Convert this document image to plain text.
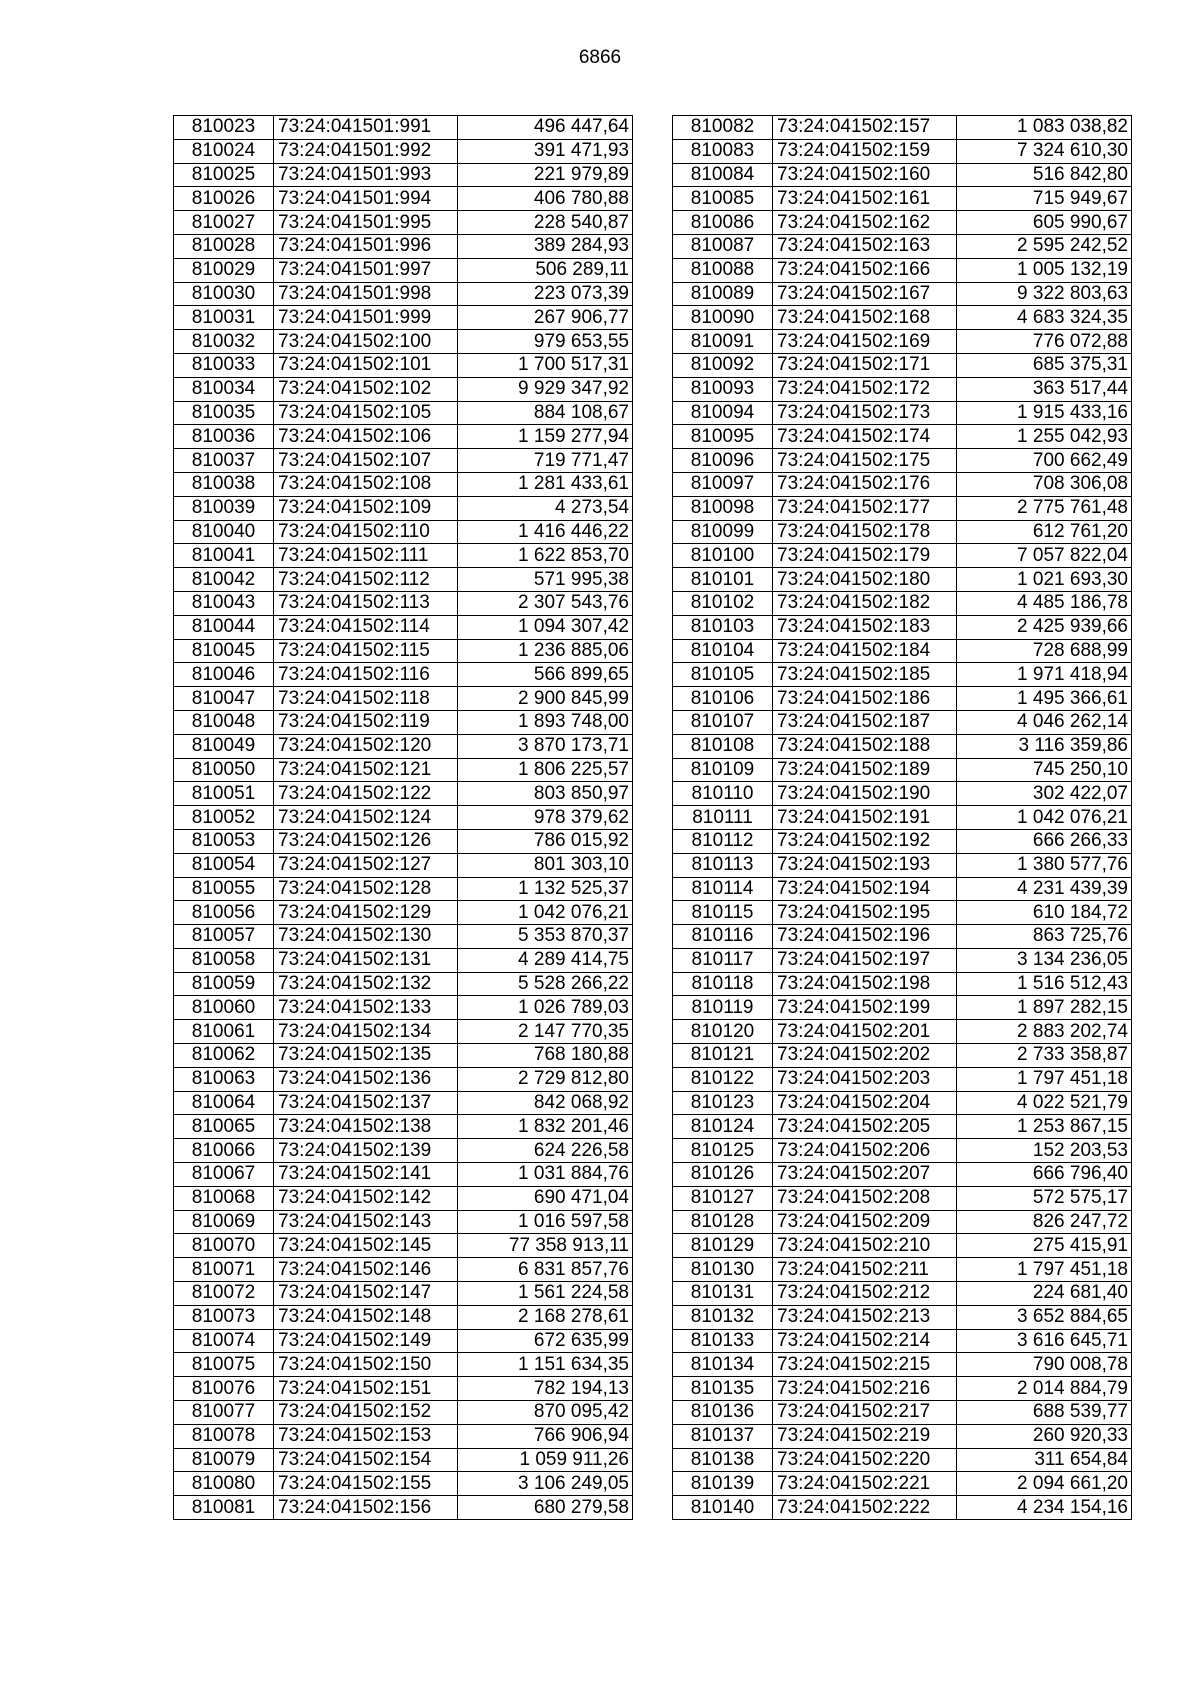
6866
810023	73:24:041501:991	496 447,64
810024	73:24:041501:992	391 471,93
810025	73:24:041501:993	221 979,89
810026	73:24:041501:994	406 780,88
810027	73:24:041501:995	228 540,87
810028	73:24:041501:996	389 284,93
810029	73:24:041501:997	506 289,11
810030	73:24:041501:998	223 073,39
810031	73:24:041501:999	267 906,77
810032	73:24:041502:100	979 653,55
810033	73:24:041502:101	1 700 517,31
810034	73:24:041502:102	9 929 347,92
810035	73:24:041502:105	884 108,67
810036	73:24:041502:106	1 159 277,94
810037	73:24:041502:107	719 771,47
810038	73:24:041502:108	1 281 433,61
810039	73:24:041502:109	4 273,54
810040	73:24:041502:110	1 416 446,22
810041	73:24:041502:111	1 622 853,70
810042	73:24:041502:112	571 995,38
810043	73:24:041502:113	2 307 543,76
810044	73:24:041502:114	1 094 307,42
810045	73:24:041502:115	1 236 885,06
810046	73:24:041502:116	566 899,65
810047	73:24:041502:118	2 900 845,99
810048	73:24:041502:119	1 893 748,00
810049	73:24:041502:120	3 870 173,71
810050	73:24:041502:121	1 806 225,57
810051	73:24:041502:122	803 850,97
810052	73:24:041502:124	978 379,62
810053	73:24:041502:126	786 015,92
810054	73:24:041502:127	801 303,10
810055	73:24:041502:128	1 132 525,37
810056	73:24:041502:129	1 042 076,21
810057	73:24:041502:130	5 353 870,37
810058	73:24:041502:131	4 289 414,75
810059	73:24:041502:132	5 528 266,22
810060	73:24:041502:133	1 026 789,03
810061	73:24:041502:134	2 147 770,35
810062	73:24:041502:135	768 180,88
810063	73:24:041502:136	2 729 812,80
810064	73:24:041502:137	842 068,92
810065	73:24:041502:138	1 832 201,46
810066	73:24:041502:139	624 226,58
810067	73:24:041502:141	1 031 884,76
810068	73:24:041502:142	690 471,04
810069	73:24:041502:143	1 016 597,58
810070	73:24:041502:145	77 358 913,11
810071	73:24:041502:146	6 831 857,76
810072	73:24:041502:147	1 561 224,58
810073	73:24:041502:148	2 168 278,61
810074	73:24:041502:149	672 635,99
810075	73:24:041502:150	1 151 634,35
810076	73:24:041502:151	782 194,13
810077	73:24:041502:152	870 095,42
810078	73:24:041502:153	766 906,94
810079	73:24:041502:154	1 059 911,26
810080	73:24:041502:155	3 106 249,05
810081	73:24:041502:156	680 279,58
810082	73:24:041502:157	1 083 038,82
810083	73:24:041502:159	7 324 610,30
810084	73:24:041502:160	516 842,80
810085	73:24:041502:161	715 949,67
810086	73:24:041502:162	605 990,67
810087	73:24:041502:163	2 595 242,52
810088	73:24:041502:166	1 005 132,19
810089	73:24:041502:167	9 322 803,63
810090	73:24:041502:168	4 683 324,35
810091	73:24:041502:169	776 072,88
810092	73:24:041502:171	685 375,31
810093	73:24:041502:172	363 517,44
810094	73:24:041502:173	1 915 433,16
810095	73:24:041502:174	1 255 042,93
810096	73:24:041502:175	700 662,49
810097	73:24:041502:176	708 306,08
810098	73:24:041502:177	2 775 761,48
810099	73:24:041502:178	612 761,20
810100	73:24:041502:179	7 057 822,04
810101	73:24:041502:180	1 021 693,30
810102	73:24:041502:182	4 485 186,78
810103	73:24:041502:183	2 425 939,66
810104	73:24:041502:184	728 688,99
810105	73:24:041502:185	1 971 418,94
810106	73:24:041502:186	1 495 366,61
810107	73:24:041502:187	4 046 262,14
810108	73:24:041502:188	3 116 359,86
810109	73:24:041502:189	745 250,10
810110	73:24:041502:190	302 422,07
810111	73:24:041502:191	1 042 076,21
810112	73:24:041502:192	666 266,33
810113	73:24:041502:193	1 380 577,76
810114	73:24:041502:194	4 231 439,39
810115	73:24:041502:195	610 184,72
810116	73:24:041502:196	863 725,76
810117	73:24:041502:197	3 134 236,05
810118	73:24:041502:198	1 516 512,43
810119	73:24:041502:199	1 897 282,15
810120	73:24:041502:201	2 883 202,74
810121	73:24:041502:202	2 733 358,87
810122	73:24:041502:203	1 797 451,18
810123	73:24:041502:204	4 022 521,79
810124	73:24:041502:205	1 253 867,15
810125	73:24:041502:206	152 203,53
810126	73:24:041502:207	666 796,40
810127	73:24:041502:208	572 575,17
810128	73:24:041502:209	826 247,72
810129	73:24:041502:210	275 415,91
810130	73:24:041502:211	1 797 451,18
810131	73:24:041502:212	224 681,40
810132	73:24:041502:213	3 652 884,65
810133	73:24:041502:214	3 616 645,71
810134	73:24:041502:215	790 008,78
810135	73:24:041502:216	2 014 884,79
810136	73:24:041502:217	688 539,77
810137	73:24:041502:219	260 920,33
810138	73:24:041502:220	311 654,84
810139	73:24:041502:221	2 094 661,20
810140	73:24:041502:222	4 234 154,16
